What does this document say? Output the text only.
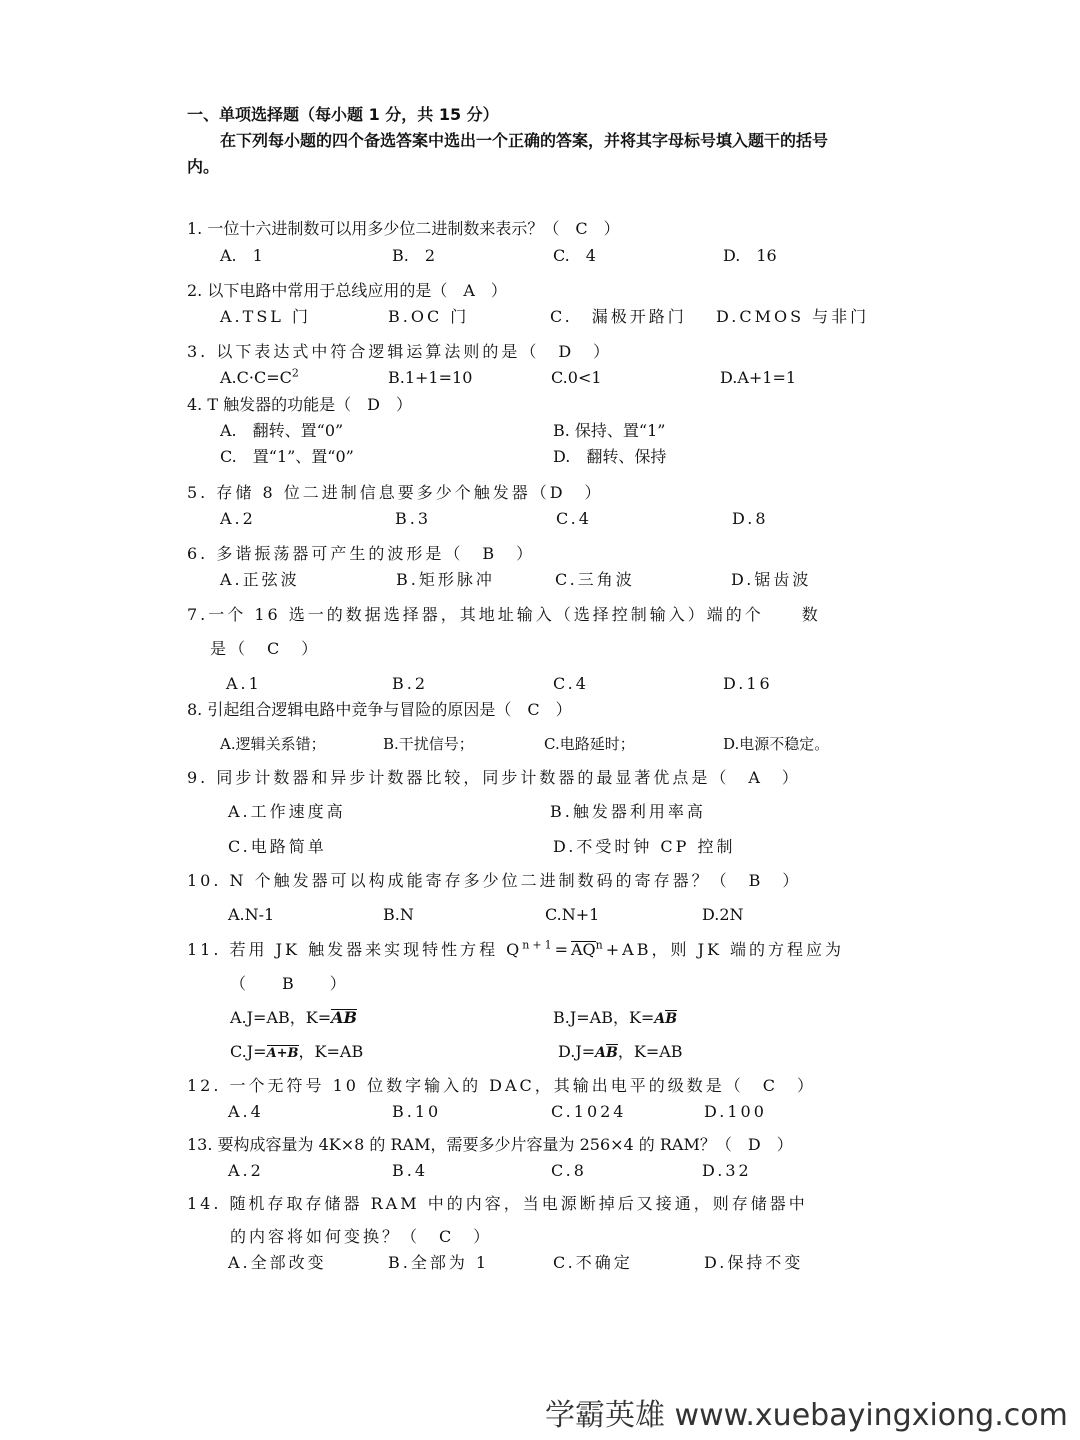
一、单项选择题（每小题 1 分，共 15 分）
在下列每小题的四个备选答案中选出一个正确的答案，并将其字母标号填入题干的括号
内。
1. 一位十六进制数可以用多少位二进制数来表示？（　C　）
A.　1	B.　2	C.　4	D.　16
2. 以下电路中常用于总线应用的是（　A　）
A.TSL 门	B.OC 门	C.　漏极开路门 D.CMOS 与非门
3. 以下表达式中符合逻辑运算法则的是（　D　）
$A.C\cdot C=C^2$	B.1+1=10	C.0<1	D.A+1=1
4. T 触发器的功能是（　D　）
A.　翻转、置“0”	B. 保持、置“1”
C.　置“1”、置“0”	D.　翻转、保持
5. 存储 8 位二进制信息要多少个触发器（D　）
A.2	B.3	C.4	D.8
6. 多谐振荡器可产生的波形是（　B　）
A.正弦波	B.矩形脉冲	C.三角波	D.锯齿波
7.一个 16 选一的数据选择器，其地址输入（选择控制输入）端的个　　数
是（　C　）
A.1	B.2	C.4	D.16
8. 引起组合逻辑电路中竞争与冒险的原因是（　C　）
A.逻辑关系错；	B.干扰信号；	C.电路延时；	D.电源不稳定。
9. 同步计数器和异步计数器比较，同步计数器的最显著优点是（　A　）
A.工作速度高	B.触发器利用率高
C.电路简单	D.不受时钟 CP 控制
10. N 个触发器可以构成能寄存多少位二进制数码的寄存器？（　B　）
A.N-1	B.N	C.N+1	D.2N
11. 若用 JK 触发器来实现特性方程 $Q^{n+1}=AQ^n+AB$，则 JK 端的方程应为
（　B　）
A.J=AB，K=AB	B.J=AB，K=AB
C.J=A+B，K=AB	D.J=AB，K=AB
12. 一个无符号 10 位数字输入的 DAC，其输出电平的级数是（　C　）
A.4	B.10	C.1024	D.100
13. 要构成容量为 4K×8 的 RAM，需要多少片容量为 256×4 的 RAM？（　D　）
A.2	B.4	C.8	D.32
14. 随机存取存储器 RAM 中的内容，当电源断掉后又接通，则存储器中
的内容将如何变换？（　C　）
A.全部改变	B.全部为 1	C.不确定	D.保持不变
学霸英雄 www.xuebayingxiong.com
